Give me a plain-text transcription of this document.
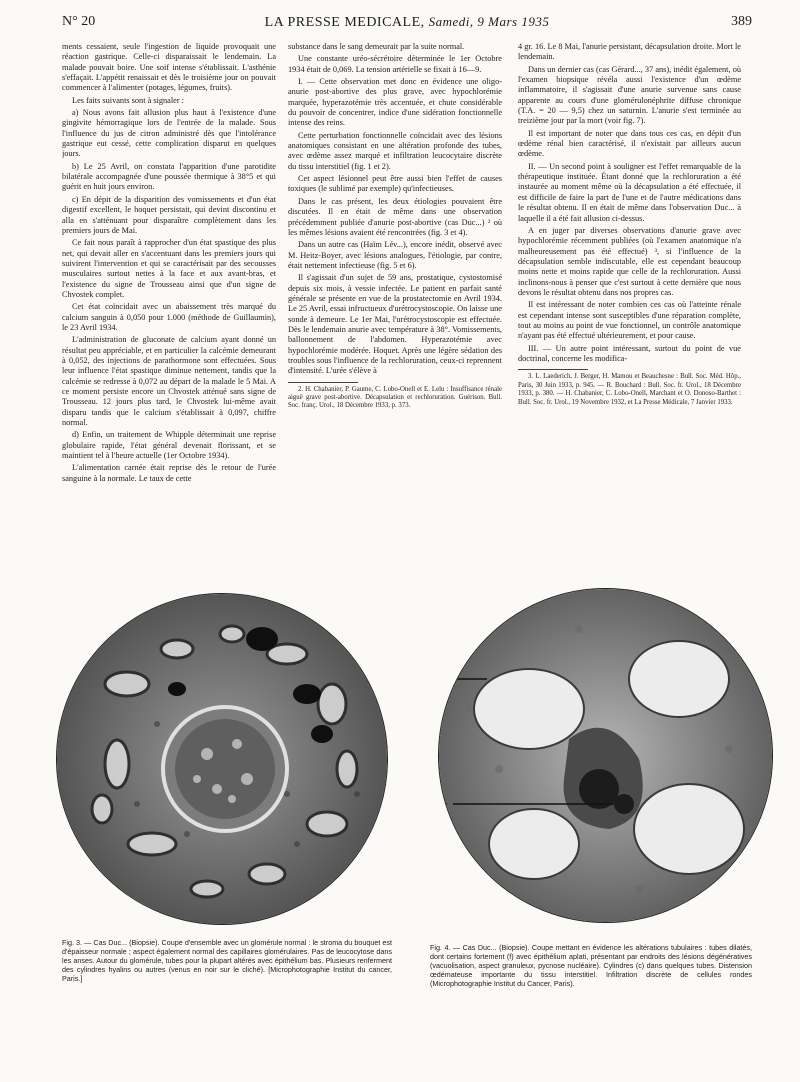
N° 20	LA PRESSE MEDICALE, Samedi, 9 Mars 1935	389

ments cessaient, seule l'ingestion de liquide provoquait une réaction gastrique. Celle-ci disparaissait le lendemain. La malade pouvait boire. Une soif intense s'établissait. L'asthénie s'effaçait. L'appétit renaissait et dès le troisième jour on pouvait commencer à l'alimenter (potages, légumes, fruits).

Les faits suivants sont à signaler :

a) Nous avons fait allusion plus haut à l'existence d'une gingivite hémorragique lors de l'entrée de la malade. Sous l'influence du jus de citron administré dès que l'intolérance gastrique eut cessé, cette complication disparut en quelques jours.

b) Le 25 Avril, on constata l'apparition d'une parotidite bilatérale accompagnée d'une poussée thermique à 38°5 et qui guérit en huit jours environ.

c) En dépit de la disparition des vomissements et d'un état digestif excellent, le hoquet persistait, qui devint discontinu et alla en s'atténuant pour disparaître complètement dans les premiers jours de Mai.

Ce fait nous paraît à rapprocher d'un état spastique des plus net, qui devait aller en s'accentuant dans les premiers jours qui suivirent l'intervention et qui se caractérisait par des secousses musculaires surtout nettes à la face et aux avant-bras, et l'existence du signe de Trousseau ainsi que d'un signe de Chvostek complet.

Cet état coïncidait avec un abaissement très marqué du calcium sanguin à 0,050 pour 1.000 (méthode de Guillaumin), le 23 Avril 1934.

L'administration de gluconate de calcium ayant donné un résultat peu appréciable, et en particulier la calcémie demeurant à 0,052, des injections de parathormone sont effectuées. Sous leur influence l'état spastique diminue nettement, tandis que la calcémie se redresse à 0,072 au départ de la malade le 5 Mai. A ce moment persiste encore un Chvostek atténué sans signe de Trousseau. 12 jours plus tard, le Chvostek lui-même avait disparu tandis que le calcium s'établissait à 0,097, chiffre normal.

d) Enfin, un traitement de Whipple déterminait une reprise globulaire rapide, l'état général devenait florissant, et se maintient tel à l'heure actuelle (1er Octobre 1934).

L'alimentation carnée était reprise dès le retour de l'urée sanguine à la normale. Le taux de cette

substance dans le sang demeurait par la suite normal.

Une constante uréo-sécrétoire déterminée le 1er Octobre 1934 était de 0,069. La tension artérielle se fixait à 16—9.

I. — Cette observation met donc en évidence une oligo-anurie post-abortive des plus grave, avec hypochlorémie marquée, hyperazotémie très accentuée, et chute considérable du pouvoir de concentrer, indice d'une sidération fonctionnelle intense des reins.

Cette perturbation fonctionnelle coïncidait avec des lésions anatomiques consistant en une altération profonde des tubes, avec œdème assez marqué et infiltration leucocytaire discrète du tissu interstitiel (fig. 1 et 2).

Cet aspect lésionnel peut être aussi bien l'effet de causes toxiques (le sublimé par exemple) qu'infectieuses.

Dans le cas présent, les deux étiologies pouvaient être discutées. Il en était de même dans une observation précédemment publiée d'anurie post-abortive (cas Duc...) ² où les mêmes lésions avaient été rencontrées (fig. 3 et 4).

Dans un autre cas (Haïm Lév...), encore inédit, observé avec M. Heitz-Boyer, avec lésions analogues, l'étiologie, par contre, était nettement infectieuse (fig. 5 et 6).

Il s'agissait d'un sujet de 59 ans, prostatique, cystostomisé depuis six mois, à vessie infectée. Le patient en parfait santé générale se présente en vue de la prostatectomie en Avril 1934. Le 25 Avril, essai infructueux d'urétrocystoscopie. On laisse une sonde à demeure. Le 1er Mai, l'urétrocystoscopie est effectuée. Dès le lendemain anurie avec température à 38°. Vomissements, ballonnement de l'abdomen. Hyperazotémie avec hypochlorémie modérée. Hoquet. Après une légère sédation des troubles sous l'influence de la rechloruration, ceux-ci reprennent d'intensité. L'urée s'élève à

2. H. Chabanier, P. Gaume, C. Lobo-Onell et E. Lelu : Insuffisance rénale aiguë grave post-abortive. Décapsulation et rechloruration. Guérison. Bull. Soc. franç. Urol., 18 Décembre 1933, p. 373.

4 gr. 16. Le 8 Mai, l'anurie persistant, décapsulation droite. Mort le lendemain.

Dans un dernier cas (cas Gérard..., 37 ans), inédit également, où l'examen biopsique révéla aussi l'existence d'un œdème inflammatoire, il s'agissait d'une anurie survenue sans cause apparente au cours d'une glomérulonéphrite diffuse chronique (T.A. = 20 — 9,5) chez un saturnin. L'anurie s'est terminée au treizième jour par la mort (voir fig. 7).

Il est important de noter que dans tous ces cas, en dépit d'un œdème rénal bien caractérisé, il n'existait par ailleurs aucun œdème.

II. — Un second point à souligner est l'effet remarquable de la thérapeutique instituée. Étant donné que la rechloruration a été instaurée au moment même où la décapsulation a été effectuée, il est difficile de faire la part de l'une et de l'autre médications dans le résultat obtenu. Il en était de même dans l'observation Duc... à laquelle il a été fait allusion ci-dessus.

A en juger par diverses observations d'anurie grave avec hypochlorémie récemment publiées (où l'examen anatomique n'a malheureusement pas été effectué) ³, si l'influence de la décapsulation semble indiscutable, elle est cependant beaucoup moins nette et moins rapide que celle de la rechloruration. Aussi inclinons-nous à penser que c'est surtout à cette dernière que nous devons le résultat obtenu dans nos propres cas.

Il est intéressant de noter combien ces cas où l'atteinte rénale est cependant intense sont susceptibles d'une réparation complète, tout au moins au point de vue fonctionnel, un contrôle anatomique n'ayant pas été effectué ultérieurement, et pour cause.

III. — Un autre point intéressant, surtout du point de vue doctrinal, concerne les modifica-

3. L. Laederich, J. Berger, H. Mamou et Beauchesne : Bull. Soc. Méd. Hôp., Paris, 30 Juin 1933, p. 945. — R. Bouchard : Bull. Soc. fr. Urol., 18 Décembre 1933, p. 380. — H. Chabanier, C. Lobo-Onell, Marchant et O. Donoso-Barthet : Bull. Soc. fr. Urol., 19 Novembre 1932, et La Presse Médicale, 7 Janvier 1933.

f
c
Fig. 3. — Cas Duc... (Biopsie). Coupe d'ensemble avec un glomérule normal : le stroma du bouquet est d'épaisseur normale ; aspect également normal des capillaires glomérulaires. Pas de leucocytose dans les anses. Autour du glomérule, tubes pour la plupart altérés avec épithélium bas. Plusieurs renferment des cylindres hyalins ou autres (venus en noir sur le cliché). [Microphotographie Institut du cancer, Paris.]
Fig. 4. — Cas Duc... (Biopsie). Coupe mettant en évidence les altérations tubulaires : tubes dilatés, dont certains fortement (f) avec épithélium aplati, présentant par endroits des lésions dégénératives (vacuolisation, aspect granuleux, pycnose nucléaire). Cylindres (c) dans quelques tubes. Distension œdémateuse importante du tissu interstitiel. Infiltration discrète de cellules rondes (Microphotographie Institut du Cancer, Paris).
